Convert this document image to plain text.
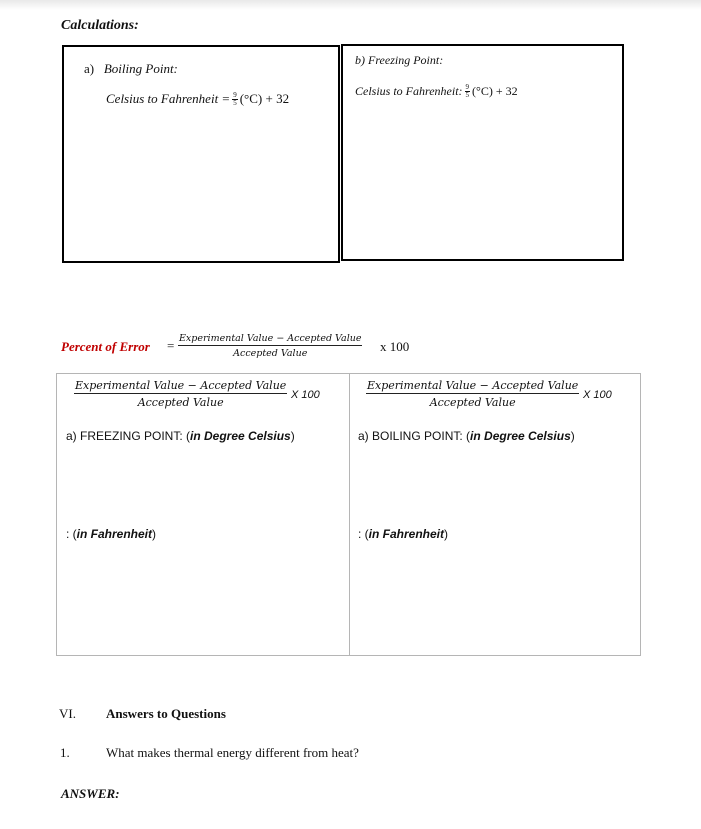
Calculations:
a) Boiling Point:
Celsius to Fahrenheit = $\frac{9}{5} (^\circ C) + 32$
b) Freezing Point:
Celsius to Fahrenheit: $\frac{9}{5} (^\circ C) + 32$
Percent of Error = Experimental Value − Accepted Value
Accepted Value	x 100
Experimental Value − Accepted Value
Accepted Value
X 100
a) FREEZING POINT: (in Degree Celsius)
: (in Fahrenheit)
Experimental Value − Accepted Value
Accepted Value
X 100
a) BOILING POINT: (in Degree Celsius)
: (in Fahrenheit)
VI. Answers to Questions
1.	What makes thermal energy different from heat?
ANSWER:
